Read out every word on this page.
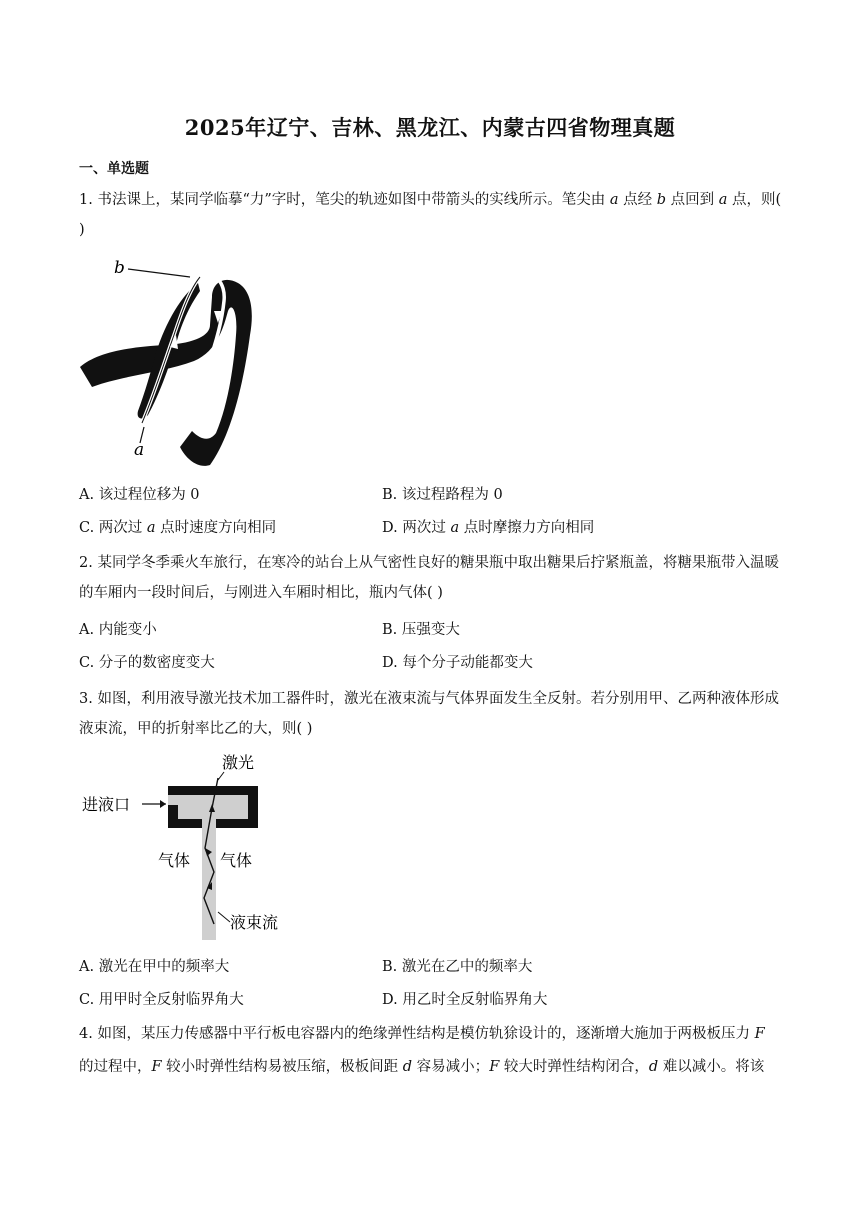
2025年辽宁、吉林、黑龙江、内蒙古四省物理真题
一、单选题
1. 书法课上，某同学临摹“力”字时，笔尖的轨迹如图中带箭头的实线所示。笔尖由 a 点经 b 点回到 a 点，则( )
b
a
A. 该过程位移为 0	B. 该过程路程为 0
C. 两次过 a 点时速度方向相同	D. 两次过 a 点时摩擦力方向相同
2. 某同学冬季乘火车旅行，在寒冷的站台上从气密性良好的糖果瓶中取出糖果后拧紧瓶盖，将糖果瓶带入温暖的车厢内一段时间后，与刚进入车厢时相比，瓶内气体( )
A. 内能变小	B. 压强变大
C. 分子的数密度变大	D. 每个分子动能都变大
3. 如图，利用液导激光技术加工器件时，激光在液束流与气体界面发生全反射。若分别用甲、乙两种液体形成液束流，甲的折射率比乙的大，则( )
激光
进液口
气体 气体
液束流
A. 激光在甲中的频率大	B. 激光在乙中的频率大
C. 用甲时全反射临界角大	D. 用乙时全反射临界角大
4. 如图，某压力传感器中平行板电容器内的绝缘弹性结构是模仿轨狳设计的，逐渐增大施加于两极板压力 F
的过程中，F 较小时弹性结构易被压缩，极板间距 d 容易减小；F 较大时弹性结构闭合，d 难以减小。将该
